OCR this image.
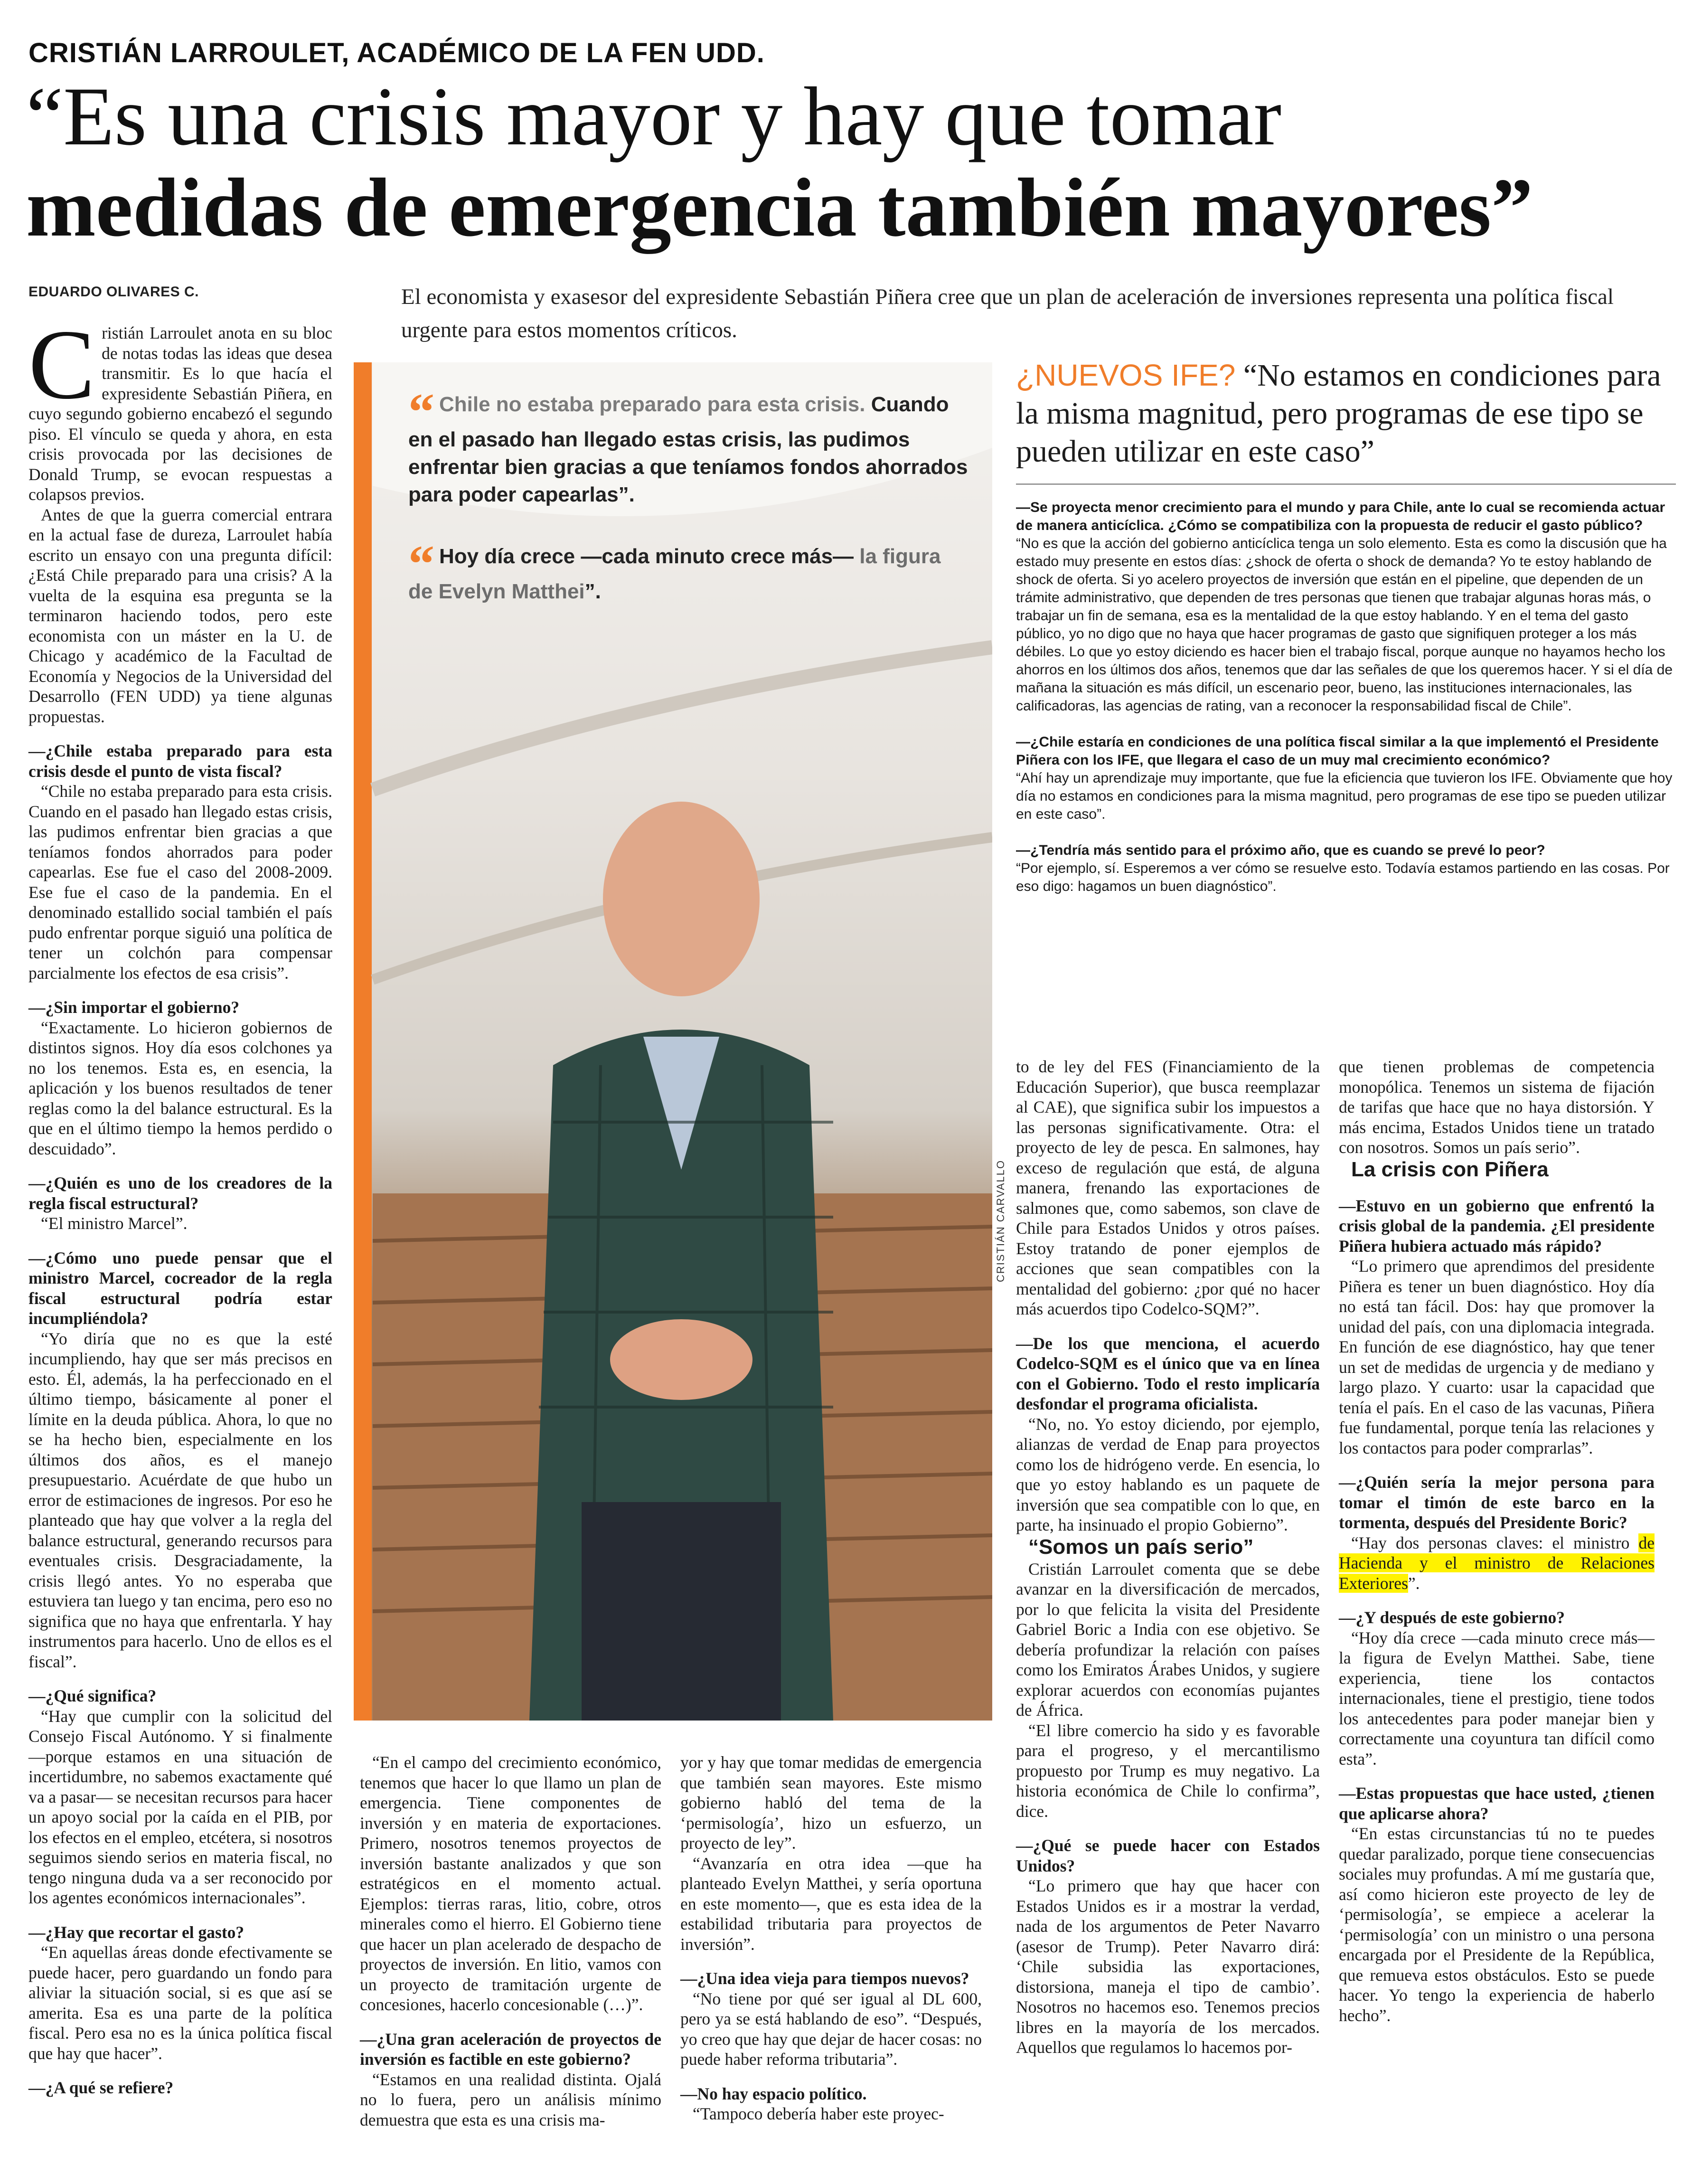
CRISTIÁN LARROULET, ACADÉMICO DE LA FEN UDD.
“Es una crisis mayor y hay que tomar
medidas de emergencia también mayores”
EDUARDO OLIVARES C.	El economista y exasesor del expresidente Sebastián Piñera cree que un plan de aceleración de inversiones representa una política fiscal urgente para estos momentos críticos.

Cristián Larroulet anota en su bloc de notas todas las ideas que desea transmitir. Es lo que hacía el expresidente Sebastián Piñera, en cuyo segundo gobierno encabezó el segundo piso. El vínculo se queda y ahora, en esta crisis provocada por las decisiones de Donald Trump, se evocan respuestas a colapsos previos.

Antes de que la guerra comercial entrara en la actual fase de dureza, Larroulet había escrito un ensayo con una pregunta difícil: ¿Está Chile preparado para una crisis? A la vuelta de la esquina esa pregunta se la terminaron haciendo todos, pero este economista con un máster en la U. de Chicago y académico de la Facultad de Economía y Negocios de la Universidad del Desarrollo (FEN UDD) ya tiene algunas propuestas.

—¿Chile estaba preparado para esta crisis desde el punto de vista fiscal?

“Chile no estaba preparado para esta crisis. Cuando en el pasado han llegado estas crisis, las pudimos enfrentar bien gracias a que teníamos fondos ahorrados para poder capearlas. Ese fue el caso del 2008-2009. Ese fue el caso de la pandemia. En el denominado estallido social también el país pudo enfrentar porque siguió una política de tener un colchón para compensar parcialmente los efectos de esa crisis”.

—¿Sin importar el gobierno?

“Exactamente. Lo hicieron gobiernos de distintos signos. Hoy día esos colchones ya no los tenemos. Esta es, en esencia, la aplicación y los buenos resultados de tener reglas como la del balance estructural. Es la que en el último tiempo la hemos perdido o descuidado”.

—¿Quién es uno de los creadores de la regla fiscal estructural?

“El ministro Marcel”.

—¿Cómo uno puede pensar que el ministro Marcel, cocreador de la regla fiscal estructural podría estar incumpliéndola?

“Yo diría que no es que la esté incumpliendo, hay que ser más precisos en esto. Él, además, la ha perfeccionado en el último tiempo, básicamente al poner el límite en la deuda pública. Ahora, lo que no se ha hecho bien, especialmente en los últimos dos años, es el manejo presupuestario. Acuérdate de que hubo un error de estimaciones de ingresos. Por eso he planteado que hay que volver a la regla del balance estructural, generando recursos para eventuales crisis. Desgraciadamente, la crisis llegó antes. Yo no esperaba que estuviera tan luego y tan encima, pero eso no significa que no haya que enfrentarla. Y hay instrumentos para hacerlo. Uno de ellos es el fiscal”.

—¿Qué significa?

“Hay que cumplir con la solicitud del Consejo Fiscal Autónomo. Y si finalmente —porque estamos en una situación de incertidumbre, no sabemos exactamente qué va a pasar— se necesitan recursos para hacer un apoyo social por la caída en el PIB, por los efectos en el empleo, etcétera, si nosotros seguimos siendo serios en materia fiscal, no tengo ninguna duda va a ser reconocido por los agentes económicos internacionales”.

—¿Hay que recortar el gasto?

“En aquellas áreas donde efectivamente se puede hacer, pero guardando un fondo para aliviar la situación social, si es que así se amerita. Esa es una parte de la política fiscal. Pero esa no es la única política fiscal que hay que hacer”.

—¿A qué se refiere?

“ Chile no estaba preparado para esta crisis. Cuando en el pasado han llegado estas crisis, las pudimos enfrentar bien gracias a que teníamos fondos ahorrados para poder capearlas”.
“ Hoy día crece —cada minuto crece más— la figura de Evelyn Matthei”.
CRISTIÁN CARVALLO
¿NUEVOS IFE? “No estamos en condiciones para la misma magnitud, pero programas de ese tipo se pueden utilizar en este caso”

—Se proyecta menor crecimiento para el mundo y para Chile, ante lo cual se recomienda actuar de manera anticíclica. ¿Cómo se compatibiliza con la propuesta de reducir el gasto público?

“No es que la acción del gobierno anticíclica tenga un solo elemento. Esta es como la discusión que ha estado muy presente en estos días: ¿shock de oferta o shock de demanda? Yo te estoy hablando de shock de oferta. Si yo acelero proyectos de inversión que están en el pipeline, que dependen de un trámite administrativo, que dependen de tres personas que tienen que trabajar algunas horas más, o trabajar un fin de semana, esa es la mentalidad de la que estoy hablando. Y en el tema del gasto público, yo no digo que no haya que hacer programas de gasto que signifiquen proteger a los más débiles. Lo que yo estoy diciendo es hacer bien el trabajo fiscal, porque aunque no hayamos hecho los ahorros en los últimos dos años, tenemos que dar las señales de que los queremos hacer. Y si el día de mañana la situación es más difícil, un escenario peor, bueno, las instituciones internacionales, las calificadoras, las agencias de rating, van a reconocer la responsabilidad fiscal de Chile”.

—¿Chile estaría en condiciones de una política fiscal similar a la que implementó el Presidente Piñera con los IFE, que llegara el caso de un muy mal crecimiento económico?

“Ahí hay un aprendizaje muy importante, que fue la eficiencia que tuvieron los IFE. Obviamente que hoy día no estamos en condiciones para la misma magnitud, pero programas de ese tipo se pueden utilizar en este caso”.

—¿Tendría más sentido para el próximo año, que es cuando se prevé lo peor?

“Por ejemplo, sí. Esperemos a ver cómo se resuelve esto. Todavía estamos partiendo en las cosas. Por eso digo: hagamos un buen diagnóstico”.

“En el campo del crecimiento económico, tenemos que hacer lo que llamo un plan de emergencia. Tiene componentes de inversión y en materia de exportaciones. Primero, nosotros tenemos proyectos de inversión bastante analizados y que son estratégicos en el momento actual. Ejemplos: tierras raras, litio, cobre, otros minerales como el hierro. El Gobierno tiene que hacer un plan acelerado de despacho de proyectos de inversión. En litio, vamos con un proyecto de tramitación urgente de concesiones, hacerlo concesionable (…)”.

—¿Una gran aceleración de proyectos de inversión es factible en este gobierno?

“Estamos en una realidad distinta. Ojalá no lo fuera, pero un análisis mínimo demuestra que esta es una crisis ma-

yor y hay que tomar medidas de emergencia que también sean mayores. Este mismo gobierno habló del tema de la ‘permisología’, hizo un esfuerzo, un proyecto de ley”.

“Avanzaría en otra idea —que ha planteado Evelyn Matthei, y sería oportuna en este momento—, que es esta idea de la estabilidad tributaria para proyectos de inversión”.

—¿Una idea vieja para tiempos nuevos?

“No tiene por qué ser igual al DL 600, pero ya se está hablando de eso”. “Después, yo creo que hay que dejar de hacer cosas: no puede haber reforma tributaria”.

—No hay espacio político.

“Tampoco debería haber este proyec-

to de ley del FES (Financiamiento de la Educación Superior), que busca reemplazar al CAE), que significa subir los impuestos a las personas significativamente. Otra: el proyecto de ley de pesca. En salmones, hay exceso de regulación que está, de alguna manera, frenando las exportaciones de salmones que, como sabemos, son clave de Chile para Estados Unidos y otros países. Estoy tratando de poner ejemplos de acciones que sean compatibles con la mentalidad del gobierno: ¿por qué no hacer más acuerdos tipo Codelco-SQM?”.

—De los que menciona, el acuerdo Codelco-SQM es el único que va en línea con el Gobierno. Todo el resto implicaría desfondar el programa oficialista.

“No, no. Yo estoy diciendo, por ejemplo, alianzas de verdad de Enap para proyectos como los de hidrógeno verde. En esencia, lo que yo estoy hablando es un paquete de inversión que sea compatible con lo que, en parte, ha insinuado el propio Gobierno”.

“Somos un país serio”

Cristián Larroulet comenta que se debe avanzar en la diversificación de mercados, por lo que felicita la visita del Presidente Gabriel Boric a India con ese objetivo. Se debería profundizar la relación con países como los Emiratos Árabes Unidos, y sugiere explorar acuerdos con economías pujantes de África.

“El libre comercio ha sido y es favorable para el progreso, y el mercantilismo propuesto por Trump es muy negativo. La historia económica de Chile lo confirma”, dice.

—¿Qué se puede hacer con Estados Unidos?

“Lo primero que hay que hacer con Estados Unidos es ir a mostrar la verdad, nada de los argumentos de Peter Navarro (asesor de Trump). Peter Navarro dirá: ‘Chile subsidia las exportaciones, distorsiona, maneja el tipo de cambio’. Nosotros no hacemos eso. Tenemos precios libres en la mayoría de los mercados. Aquellos que regulamos lo hacemos por-

que tienen problemas de competencia monopólica. Tenemos un sistema de fijación de tarifas que hace que no haya distorsión. Y más encima, Estados Unidos tiene un tratado con nosotros. Somos un país serio”.

La crisis con Piñera

—Estuvo en un gobierno que enfrentó la crisis global de la pandemia. ¿El presidente Piñera hubiera actuado más rápido?

“Lo primero que aprendimos del presidente Piñera es tener un buen diagnóstico. Hoy día no está tan fácil. Dos: hay que promover la unidad del país, con una diplomacia integrada. En función de ese diagnóstico, hay que tener un set de medidas de urgencia y de mediano y largo plazo. Y cuarto: usar la capacidad que tenía el país. En el caso de las vacunas, Piñera fue fundamental, porque tenía las relaciones y los contactos para poder comprarlas”.

—¿Quién sería la mejor persona para tomar el timón de este barco en la tormenta, después del Presidente Boric?

“Hay dos personas claves: el ministro de Hacienda y el ministro de Relaciones Exteriores”.

—¿Y después de este gobierno?

“Hoy día crece —cada minuto crece más— la figura de Evelyn Matthei. Sabe, tiene experiencia, tiene los contactos internacionales, tiene el prestigio, tiene todos los antecedentes para poder manejar bien y correctamente una coyuntura tan difícil como esta”.

—Estas propuestas que hace usted, ¿tienen que aplicarse ahora?

“En estas circunstancias tú no te puedes quedar paralizado, porque tiene consecuencias sociales muy profundas. A mí me gustaría que, así como hicieron este proyecto de ley de ‘permisología’, se empiece a acelerar la ‘permisología’ con un ministro o una persona encargada por el Presidente de la República, que remueva estos obstáculos. Esto se puede hacer. Yo tengo la experiencia de haberlo hecho”.
